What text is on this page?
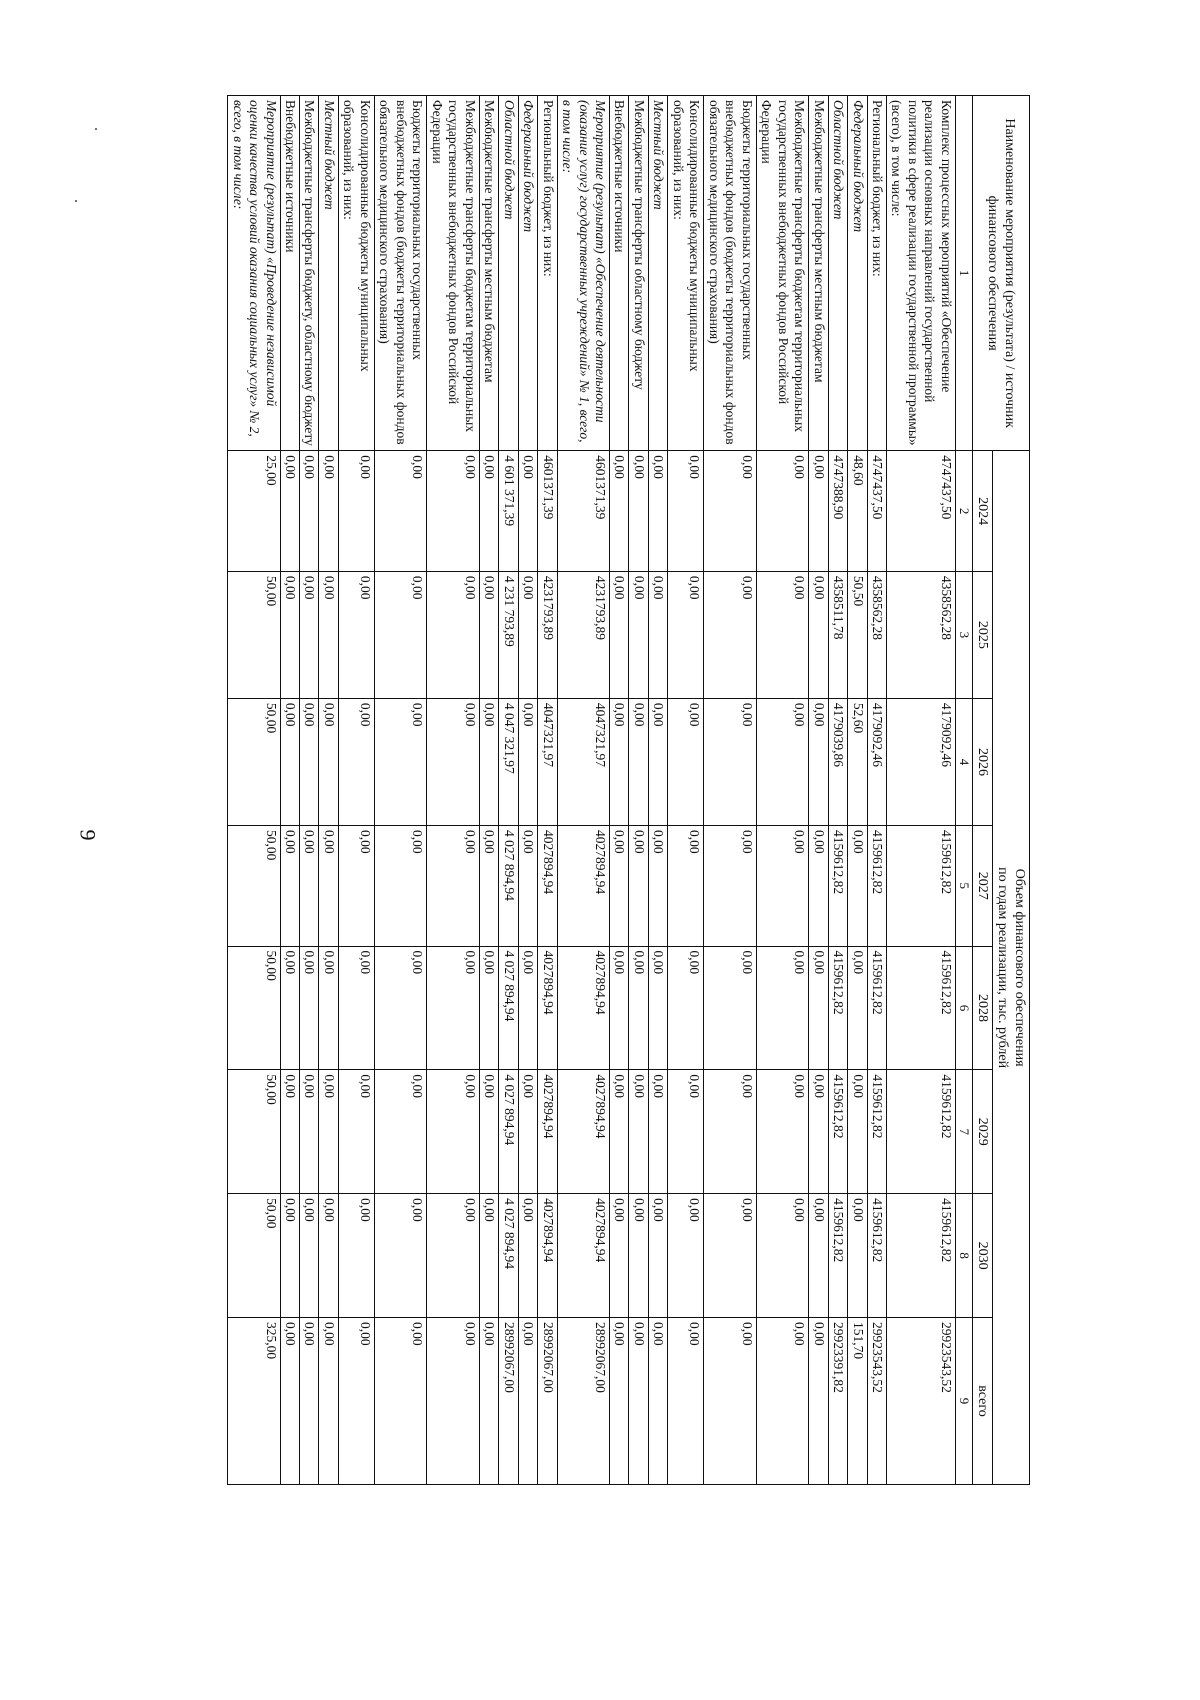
9
Наименование мероприятия (результата) / источник финансового обеспечения	Объем финансового обеспечения
по годам реализации, тыс. рублей							
	2024	2025	2026	2027	2028	2029	2030	всего
1	2	3	4	5	6	7	8	9
Комплекс процессных мероприятий «Обеспечение реализации основных направлений государственной политики в сфере реализации государственной программы» (всего), в том числе:	4747437,50	4358562,28	4179092,46	4159612,82	4159612,82	4159612,82	4159612,82	29923543,52
Региональный бюджет, из них:	4747437,50	4358562,28	4179092,46	4159612,82	4159612,82	4159612,82	4159612,82	29923543,52
Федеральный бюджет	48,60	50,50	52,60	0,00	0,00	0,00	0,00	151,70
Областной бюджет	4747388,90	4358511,78	4179039,86	4159612,82	4159612,82	4159612,82	4159612,82	29923391,82
Межбюджетные трансферты местным бюджетам	0,00	0,00	0,00	0,00	0,00	0,00	0,00	0,00
Межбюджетные трансферты бюджетам территориальных государственных внебюджетных фондов Российской Федерации	0,00	0,00	0,00	0,00	0,00	0,00	0,00	0,00
Бюджеты территориальных государственных внебюджетных фондов (бюджеты территориальных фондов обязательного медицинского страхования)	0,00	0,00	0,00	0,00	0,00	0,00	0,00	0,00
Консолидированные бюджеты муниципальных образований, из них:	0,00	0,00	0,00	0,00	0,00	0,00	0,00	0,00
Местный бюджет	0,00	0,00	0,00	0,00	0,00	0,00	0,00	0,00
Межбюджетные трансферты областному бюджету	0,00	0,00	0,00	0,00	0,00	0,00	0,00	0,00
Внебюджетные источники	0,00	0,00	0,00	0,00	0,00	0,00	0,00	0,00
Мероприятие (результат) «Обеспечение деятельности (оказание услуг) государственных учреждений» № 1, всего, в том числе:	4601371,39	4231793,89	4047321,97	4027894,94	4027894,94	4027894,94	4027894,94	28992067,00
Региональный бюджет, из них:	4601371,39	4231793,89	4047321,97	4027894,94	4027894,94	4027894,94	4027894,94	28992067,00
Федеральный бюджет	0,00	0,00	0,00	0,00	0,00	0,00	0,00	0,00
Областной бюджет	4 601 371,39	4 231 793,89	4 047 321,97	4 027 894,94	4 027 894,94	4 027 894,94	4 027 894,94	28992067,00
Межбюджетные трансферты местным бюджетам	0,00	0,00	0,00	0,00	0,00	0,00	0,00	0,00
Межбюджетные трансферты бюджетам территориальных государственных внебюджетных фондов Российской Федерации	0,00	0,00	0,00	0,00	0,00	0,00	0,00	0,00
Бюджеты территориальных государственных внебюджетных фондов (бюджеты территориальных фондов обязательного медицинского страхования)	0,00	0,00	0,00	0,00	0,00	0,00	0,00	0,00
Консолидированные бюджеты муниципальных образований, из них:	0,00	0,00	0,00	0,00	0,00	0,00	0,00	0,00
Местный бюджет	0,00	0,00	0,00	0,00	0,00	0,00	0,00	0,00
Межбюджетные трансферты бюджету, областному бюджету	0,00	0,00	0,00	0,00	0,00	0,00	0,00	0,00
Внебюджетные источники	0,00	0,00	0,00	0,00	0,00	0,00	0,00	0,00
Мероприятие (результат) «Проведение независимой оценки качества условий оказания социальных услуг» № 2, всего, в том числе:	25,00	50,00	50,00	50,00	50,00	50,00	50,00	325,00
